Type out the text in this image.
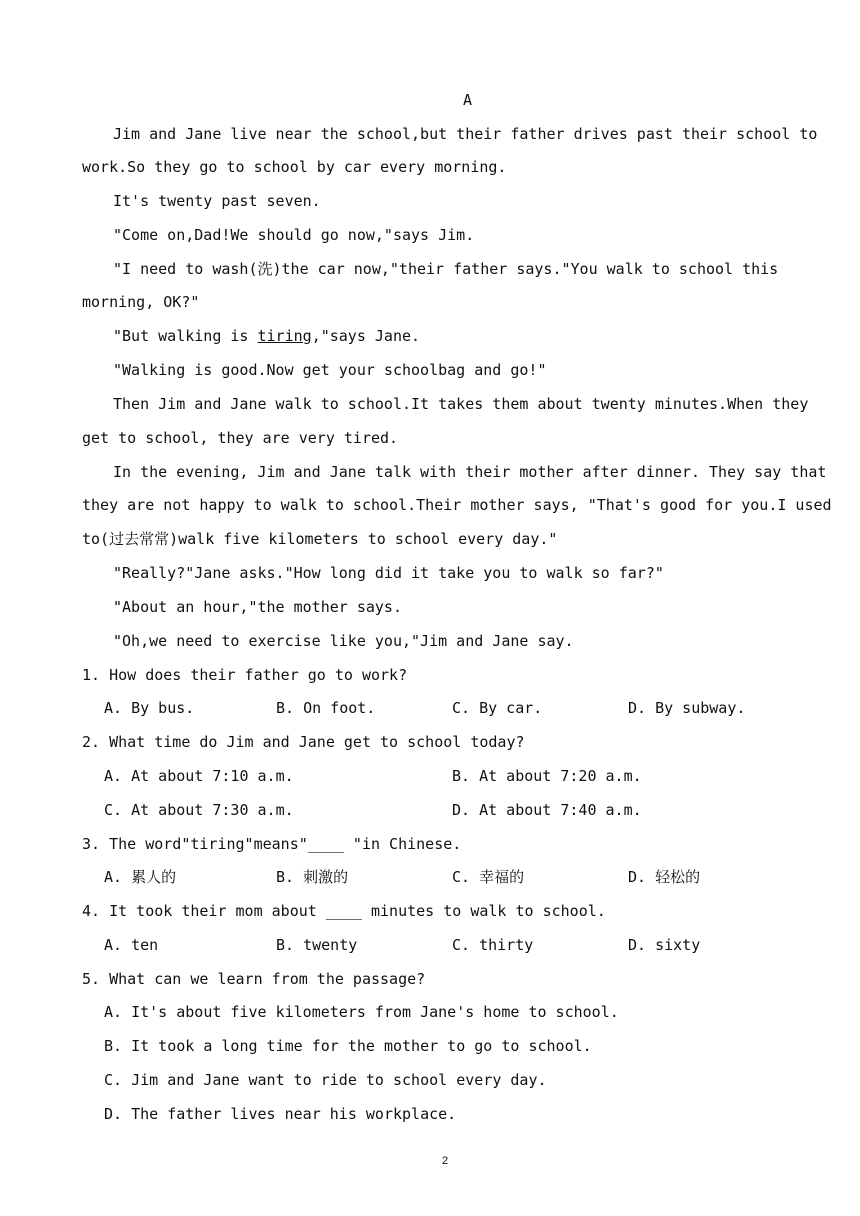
A
Jim and Jane live near the school,but their father drives past their school to
work.So they go to school by car every morning.
It's twenty past seven.
"Come on,Dad!We should go now,"says Jim.
"I need to wash(洗)the car now,"their father says."You walk to school this
morning, OK?"
"But walking is tiring,"says Jane.
"Walking is good.Now get your schoolbag and go!"
Then Jim and Jane walk to school.It takes them about twenty minutes.When they
get to school, they are very tired.
In the evening, Jim and Jane talk with their mother after dinner. They say that
they are not happy to walk to school.Their mother says, "That's good for you.I used
to(过去常常)walk five kilometers to school every day."
"Really?"Jane asks."How long did it take you to walk so far?"
"About an hour,"the mother says.
"Oh,we need to exercise like you,"Jim and Jane say.
1. How does their father go to work?
A. By bus.	B. On foot.	C. By car.	D. By subway.
2. What time do Jim and Jane get to school today?
A. At about 7:10 a.m.	B. At about 7:20 a.m.
C. At about 7:30 a.m.	D. At about 7:40 a.m.
3. The word"tiring"means"____ "in Chinese.
A. 累人的	B. 刺激的	C. 幸福的	D. 轻松的
4. It took their mom about ____ minutes to walk to school.
A. ten	B. twenty	C. thirty	D. sixty
5. What can we learn from the passage?
A. It's about five kilometers from Jane's home to school.
B. It took a long time for the mother to go to school.
C. Jim and Jane want to ride to school every day.
D. The father lives near his workplace.
2
